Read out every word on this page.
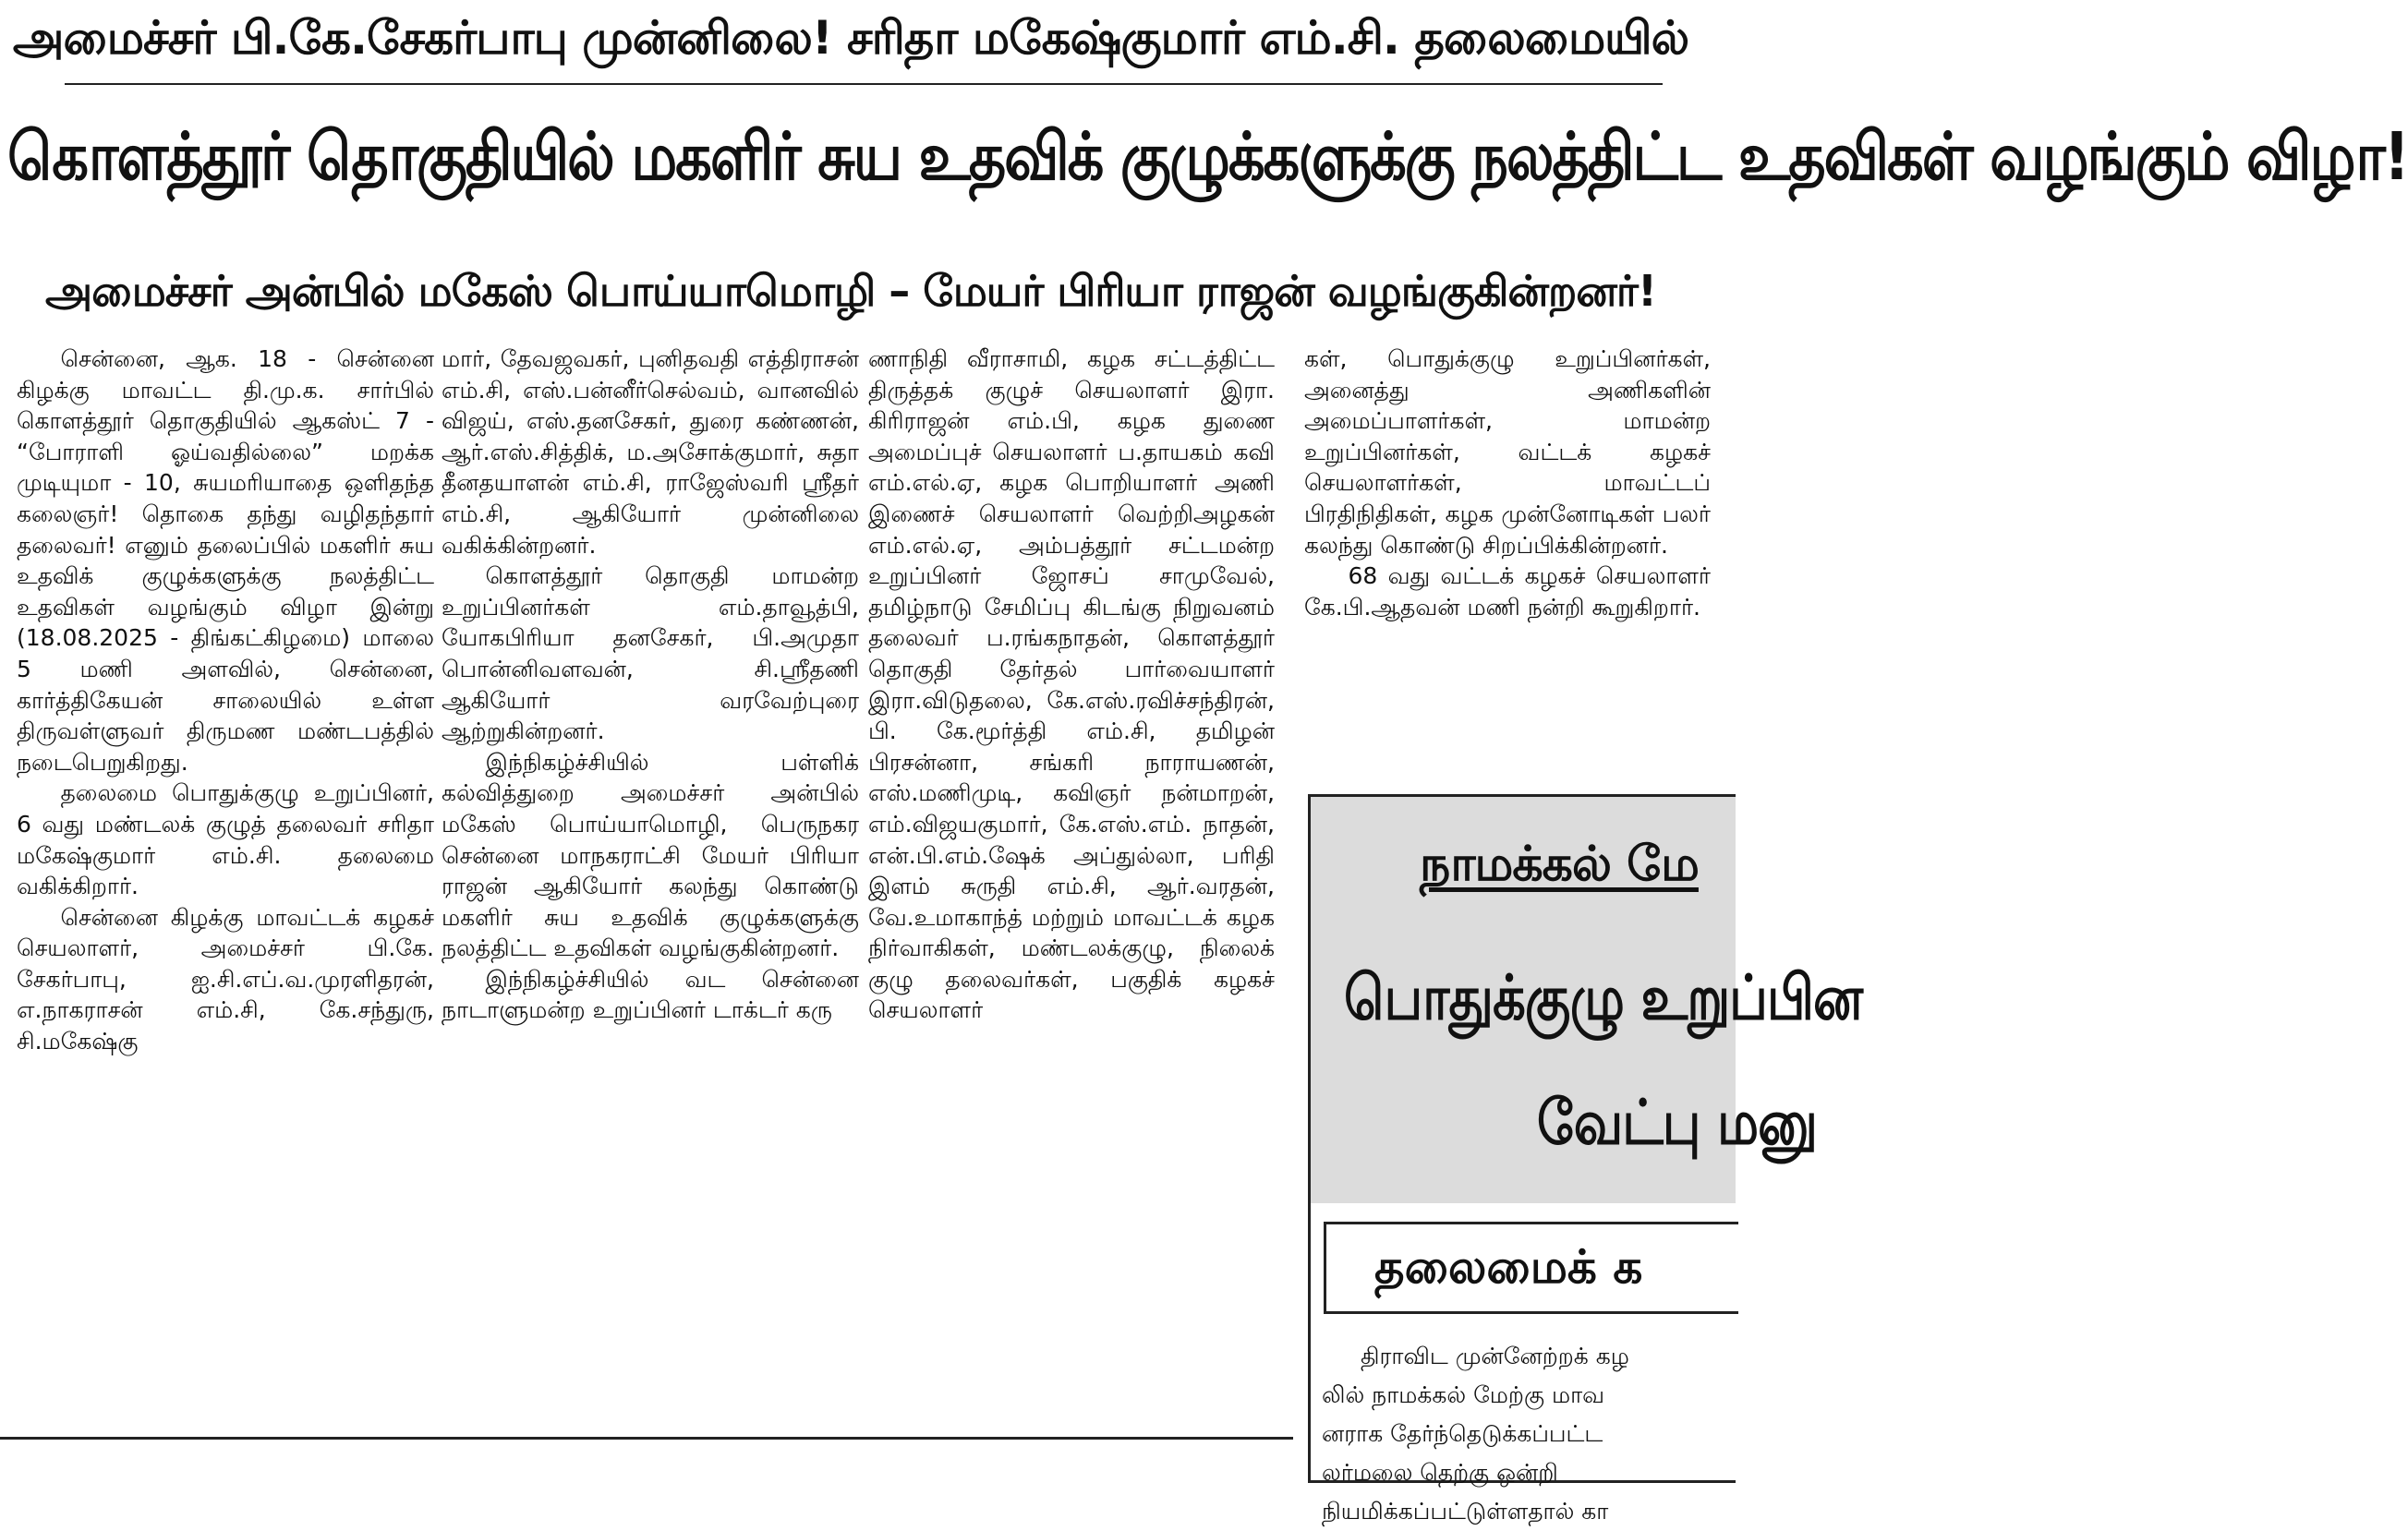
அமைச்சர் பி.கே.சேகர்பாபு முன்னிலை! சரிதா மகேஷ்குமார் எம்.சி. தலைமையில்
கொளத்தூர் தொகுதியில் மகளிர் சுய உதவிக் குழுக்களுக்கு நலத்திட்ட உதவிகள் வழங்கும் விழா!
அமைச்சர் அன்பில் மகேஸ் பொய்யாமொழி – மேயர் பிரியா ராஜன் வழங்குகின்றனர்!

சென்னை, ஆக. 18 - சென்னை கிழக்கு மாவட்ட தி.மு.க. சார்பில் கொளத்தூர் தொகுதியில் ஆகஸ்ட் 7 - “போராளி ஓய்வதில்லை” மறக்க முடியுமா - 10, சுயமரியாதை ஒளிதந்த கலைஞர்! தொகை தந்து வழிதந்தார் தலைவர்! எனும் தலைப்பில் மகளிர் சுய உதவிக் குழுக்களுக்கு நலத்திட்ட உதவிகள் வழங்கும் விழா இன்று (18.08.2025 - திங்கட்கிழமை) மாலை 5 மணி அளவில், சென்னை, கார்த்திகேயன் சாலையில் உள்ள திருவள்ளுவர் திருமண மண்டபத்தில் நடைபெறுகிறது.

தலைமை பொதுக்குழு உறுப்பினர், 6 வது மண்டலக் குழுத் தலைவர் சரிதா மகேஷ்குமார் எம்.சி. தலைமை வகிக்கிறார்.

சென்னை கிழக்கு மாவட்டக் கழகச் செயலாளர், அமைச்சர் பி.கே. சேகர்பாபு, ஐ.சி.எப்.வ.முரளிதரன், எ.நாகராசன் எம்.சி, கே.சந்துரு, சி.மகேஷ்கு

மார், தேவஜவகர், புனிதவதி எத்திராசன் எம்.சி, எஸ்.பன்னீர்செல்வம், வானவில் விஜய், எஸ்.தனசேகர், துரை கண்ணன், ஆர்.எஸ்.சித்திக், ம.அசோக்குமார், சுதா தீனதயாளன் எம்.சி, ராஜேஸ்வரி ஸ்ரீதர் எம்.சி, ஆகியோர் முன்னிலை வகிக்கின்றனர்.

கொளத்தூர் தொகுதி மாமன்ற உறுப்பினர்கள் எம்.தாவூத்பி, யோகபிரியா தனசேகர், பி.அமுதா பொன்னிவளவன், சி.ஸ்ரீதணி ஆகியோர் வரவேற்புரை ஆற்றுகின்றனர்.

இந்நிகழ்ச்சியில் பள்ளிக் கல்வித்துறை அமைச்சர் அன்பில் மகேஸ் பொய்யாமொழி, பெருநகர சென்னை மாநகராட்சி மேயர் பிரியா ராஜன் ஆகியோர் கலந்து கொண்டு மகளிர் சுய உதவிக் குழுக்களுக்கு நலத்திட்ட உதவிகள் வழங்குகின்றனர்.

இந்நிகழ்ச்சியில் வட சென்னை நாடாளுமன்ற உறுப்பினர் டாக்டர் கரு

ணாநிதி வீராசாமி, கழக சட்டத்திட்ட திருத்தக் குழுச் செயலாளர் இரா. கிரிராஜன் எம்.பி, கழக துணை அமைப்புச் செயலாளர் ப.தாயகம் கவி எம்.எல்.ஏ, கழக பொறியாளர் அணி இணைச் செயலாளர் வெற்றிஅழகன் எம்.எல்.ஏ, அம்பத்தூர் சட்டமன்ற உறுப்பினர் ஜோசப் சாமுவேல், தமிழ்நாடு சேமிப்பு கிடங்கு நிறுவனம் தலைவர் ப.ரங்கநாதன், கொளத்தூர் தொகுதி தேர்தல் பார்வையாளர் இரா.விடுதலை, கே.எஸ்.ரவிச்சந்திரன், பி. கே.மூர்த்தி எம்.சி, தமிழன் பிரசன்னா, சங்கரி நாராயணன், எஸ்.மணிமுடி, கவிஞர் நன்மாறன், எம்.விஜயகுமார், கே.எஸ்.எம். நாதன், என்.பி.எம்.ஷேக் அப்துல்லா, பரிதி இளம் சுருதி எம்.சி, ஆர்.வரதன், வே.உமாகாந்த் மற்றும் மாவட்டக் கழக நிர்வாகிகள், மண்டலக்குழு, நிலைக் குழு தலைவர்கள், பகுதிக் கழகச் செயலாளர்

கள், பொதுக்குழு உறுப்பினர்கள், அனைத்து அணிகளின் அமைப்பாளர்கள், மாமன்ற உறுப்பினர்கள், வட்டக் கழகச் செயலாளர்கள், மாவட்டப் பிரதிநிதிகள், கழக முன்னோடிகள் பலர் கலந்து கொண்டு சிறப்பிக்கின்றனர்.

68 வது வட்டக் கழகச் செயலாளர் கே.பி.ஆதவன் மணி நன்றி கூறுகிறார்.

நாமக்கல் மே
பொதுக்குழு உறுப்பின
வேட்பு மனு
தலைமைக் க
திராவிட முன்னேற்றக் கழ
லில் நாமக்கல் மேற்கு மாவ
னராக தேர்ந்தெடுக்கப்பட்ட
லர்மலை தெற்கு ஒன்றி
நியமிக்கப்பட்டுள்ளதால் கா
